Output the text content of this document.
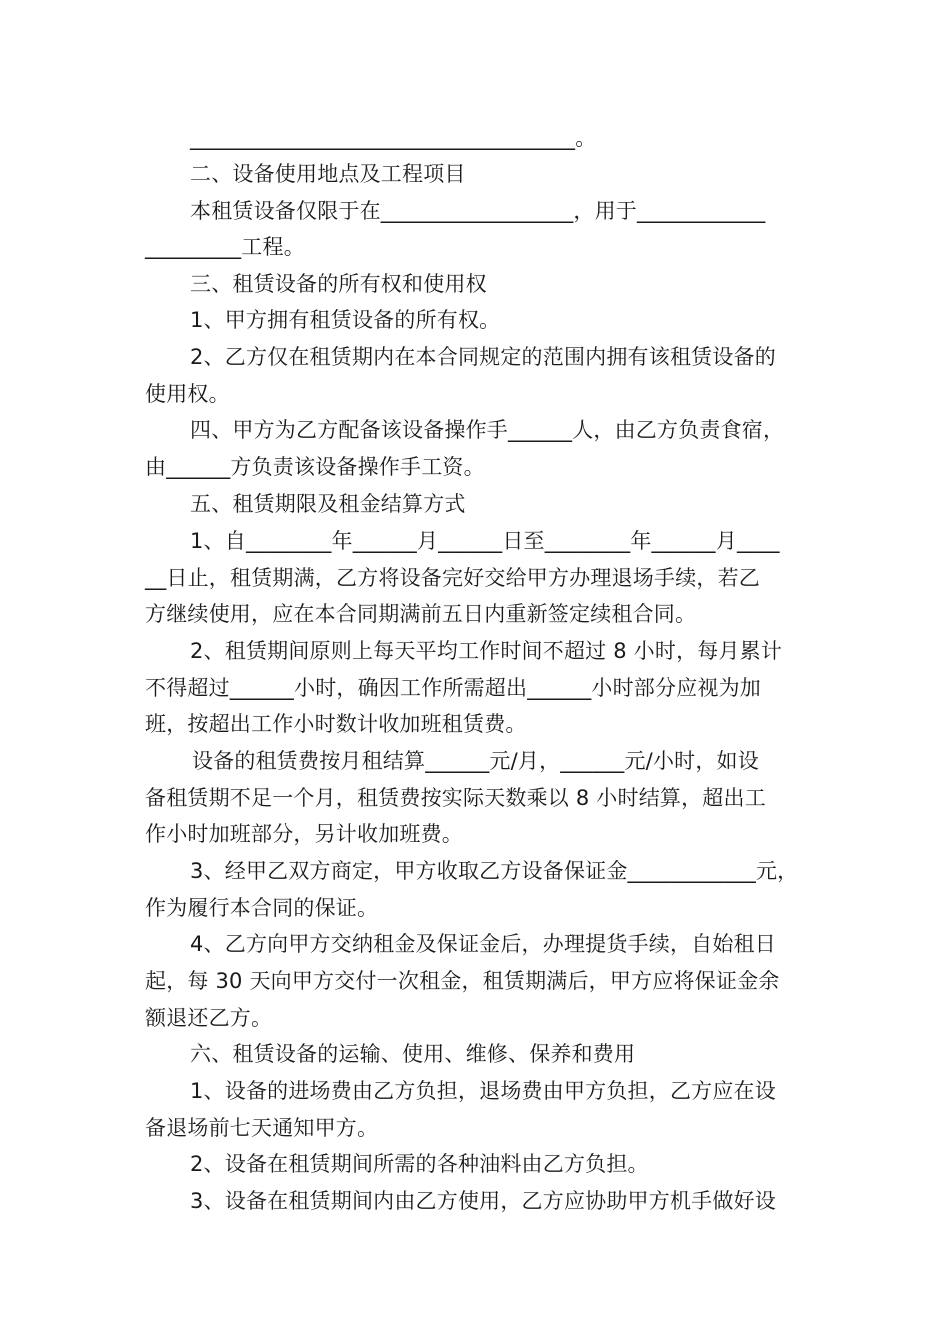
____________________________________。
二、设备使用地点及工程项目
本租赁设备仅限于在__________________，用于____________
_________工程。
三、租赁设备的所有权和使用权
1、甲方拥有租赁设备的所有权。
2、乙方仅在租赁期内在本合同规定的范围内拥有该租赁设备的
使用权。
四、甲方为乙方配备该设备操作手______人，由乙方负责食宿，
由______方负责该设备操作手工资。
五、租赁期限及租金结算方式
1、自________年______月______日至________年______月____
__日止，租赁期满，乙方将设备完好交给甲方办理退场手续，若乙
方继续使用，应在本合同期满前五日内重新签定续租合同。
2、租赁期间原则上每天平均工作时间不超过 8 小时，每月累计
不得超过______小时，确因工作所需超出______小时部分应视为加
班，按超出工作小时数计收加班租赁费。
设备的租赁费按月租结算______元/月，______元/小时，如设
备租赁期不足一个月，租赁费按实际天数乘以 8 小时结算，超出工
作小时加班部分，另计收加班费。
3、经甲乙双方商定，甲方收取乙方设备保证金____________元，
作为履行本合同的保证。
4、乙方向甲方交纳租金及保证金后，办理提货手续，自始租日
起，每 30 天向甲方交付一次租金，租赁期满后，甲方应将保证金余
额退还乙方。
六、租赁设备的运输、使用、维修、保养和费用
1、设备的进场费由乙方负担，退场费由甲方负担，乙方应在设
备退场前七天通知甲方。
2、设备在租赁期间所需的各种油料由乙方负担。
3、设备在租赁期间内由乙方使用，乙方应协助甲方机手做好设
